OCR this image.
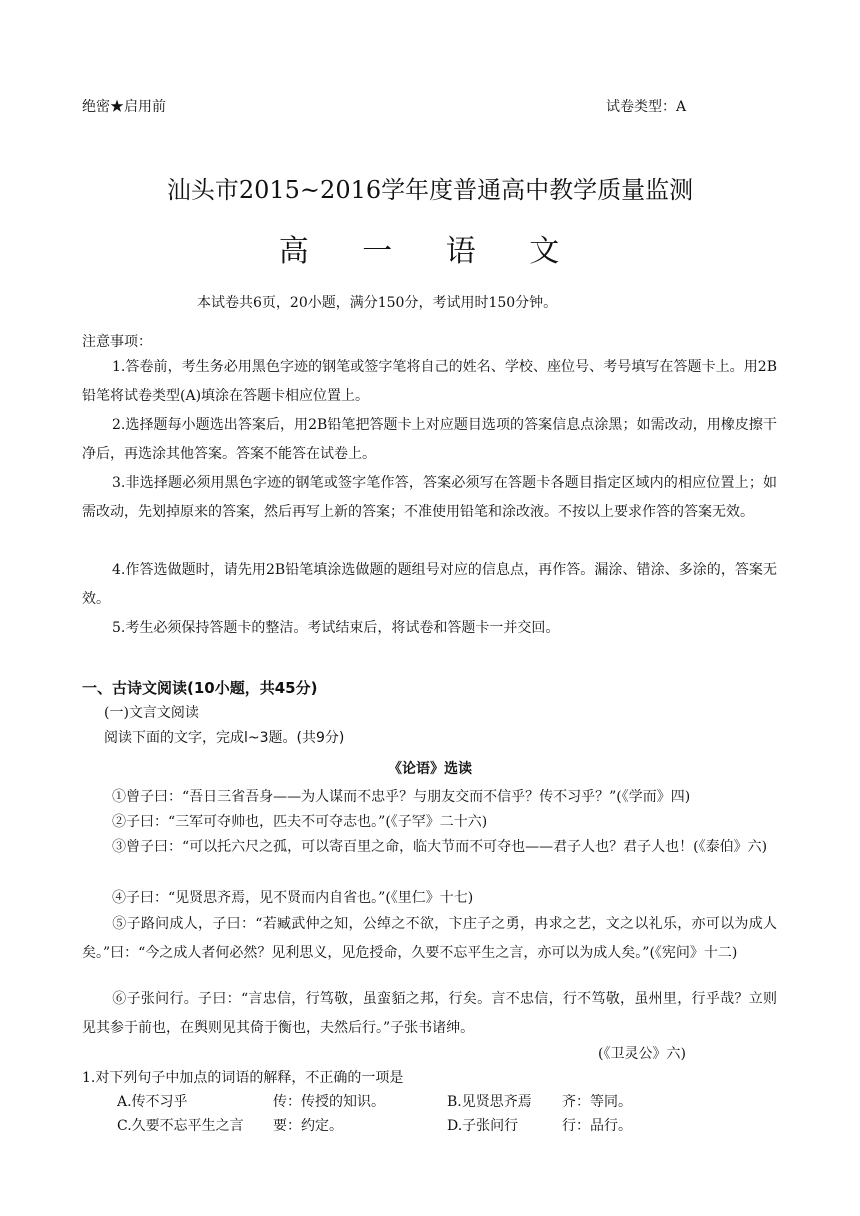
绝密★启用前	试卷类型：A
汕头市2015~2016学年度普通高中教学质量监测
高 一 语 文
本试卷共6页，20小题，满分150分，考试用时150分钟。
注意事项：
1.答卷前，考生务必用黑色字迹的钢笔或签字笔将自己的姓名、学校、座位号、考号填写在答题卡上。用2B铅笔将试卷类型(A)填涂在答题卡相应位置上。
2.选择题每小题选出答案后，用2B铅笔把答题卡上对应题目选项的答案信息点涂黑；如需改动，用橡皮擦干净后，再选涂其他答案。答案不能答在试卷上。
3.非选择题必须用黑色字迹的钢笔或签字笔作答，答案必须写在答题卡各题目指定区域内的相应位置上；如需改动，先划掉原来的答案，然后再写上新的答案；不准使用铅笔和涂改液。不按以上要求作答的答案无效。
4.作答选做题时，请先用2B铅笔填涂选做题的题组号对应的信息点，再作答。漏涂、错涂、多涂的，答案无效。
5.考生必须保持答题卡的整洁。考试结束后，将试卷和答题卡一并交回。
一、古诗文阅读(10小题，共45分)
(一)文言文阅读
阅读下面的文字，完成l~3题。(共9分)
《论语》选读
①曾子曰：“吾日三省吾身——为人谋而不忠乎？与朋友交而不信乎？传不习乎？”(《学而》四)
②子曰：“三军可夺帅也，匹夫不可夺志也。”(《子罕》二十六)
③曾子曰：“可以托六尺之孤，可以寄百里之命，临大节而不可夺也——君子人也？君子人也！(《泰伯》六)
④子曰：“见贤思齐焉，见不贤而内自省也。”(《里仁》十七)
⑤子路问成人，子曰：“若臧武仲之知，公绰之不欲，卞庄子之勇，冉求之艺，文之以礼乐，亦可以为成人矣。”曰：“今之成人者何必然？见利思义，见危授命，久要不忘平生之言，亦可以为成人矣。”(《宪问》十二)
⑥子张问行。子曰：“言忠信，行笃敬，虽蛮貊之邦，行矣。言不忠信，行不笃敬，虽州里，行乎哉？立则见其参于前也，在舆则见其倚于衡也，夫然后行。”子张书诸绅。
(《卫灵公》六)
1.对下列句子中加点的词语的解释，不正确的一项是
A.传不习乎	传：传授的知识。	B.见贤思齐焉 齐：等同。
C.久要不忘平生之言 要：约定。	D.子张问行	行：品行。
